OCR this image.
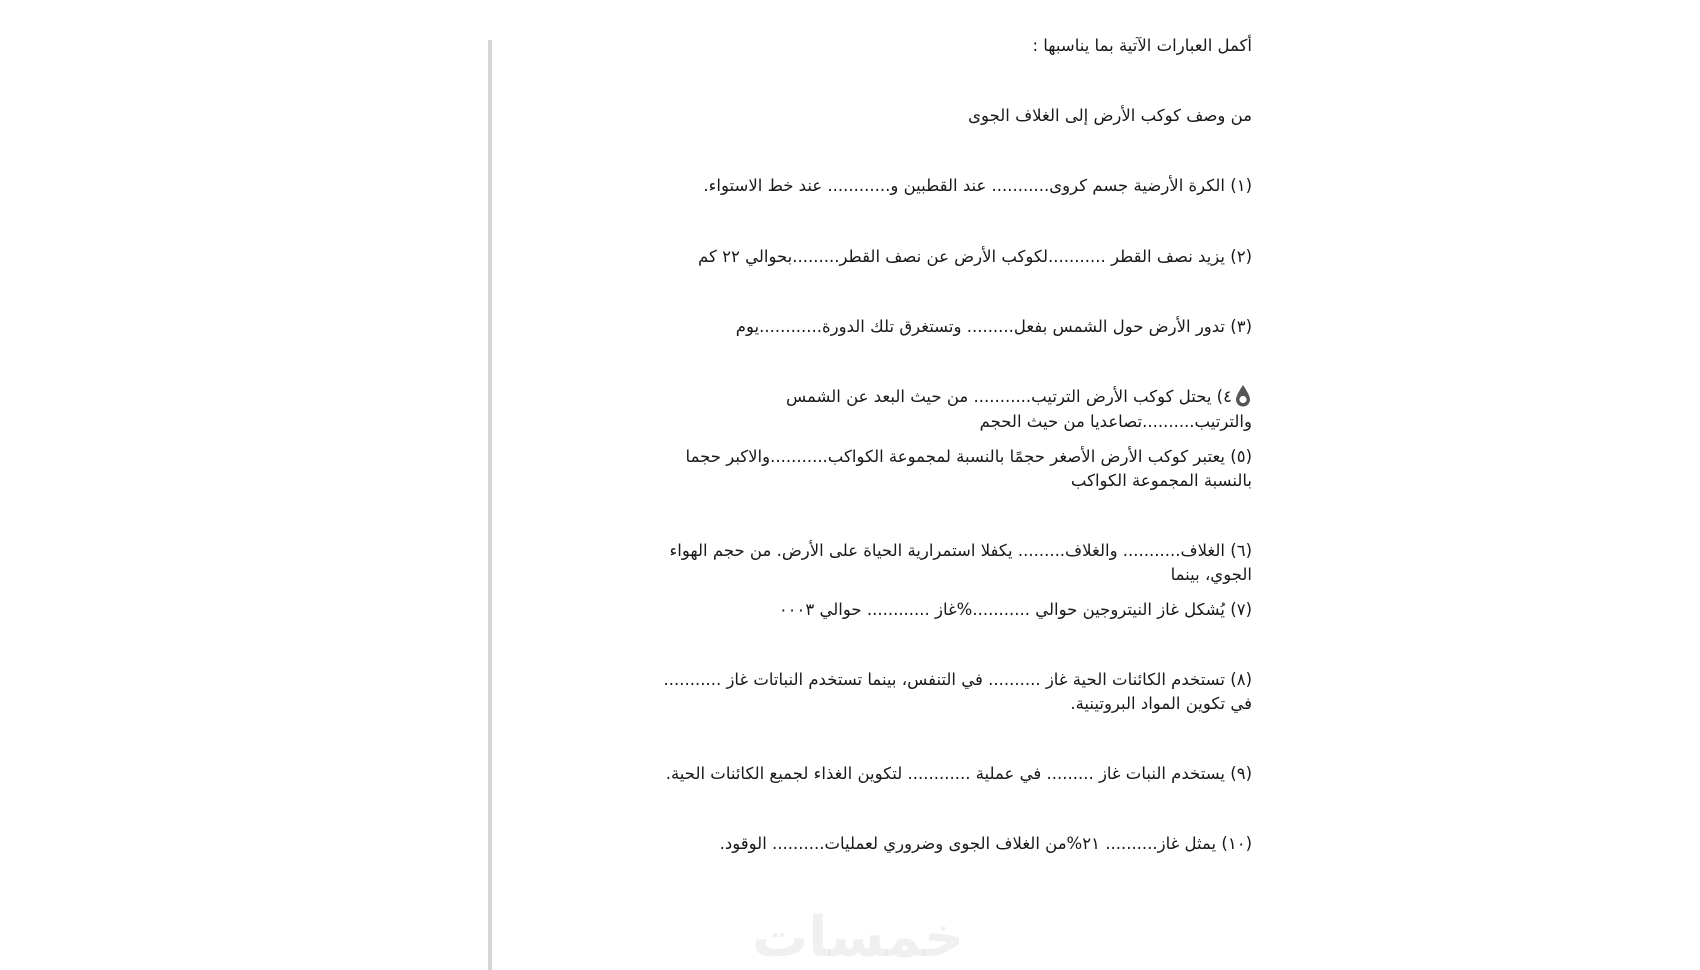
أكمل العبارات الآتية بما يناسبها :
من وصف كوكب الأرض إلى الغلاف الجوى
(١) الكرة الأرضية جسم كروى........... عند القطبين و............ عند خط الاستواء.
(٢) يزيد نصف القطر ...........لكوكب الأرض عن نصف القطر.........بحوالي ٢٢ كم
(٣) تدور الأرض حول الشمس بفعل......... وتستغرق تلك الدورة............يوم
٤) يحتل كوكب الأرض الترتيب........... من حيث البعد عن الشمس
والترتيب..........تصاعديا من حيث الحجم
(٥) يعتبر كوكب الأرض الأصغر حجمًا بالنسبة لمجموعة الكواكب...........والاكبر حجما
بالنسبة المجموعة الكواكب
(٦) الغلاف........... والغلاف......... يكفلا استمرارية الحياة على الأرض. من حجم الهواء
الجوي، بينما
(٧) يُشكل غاز النيتروجين حوالي ...........%غاز ............ حوالي ٠٠٠٣
(٨) تستخدم الكائنات الحية غاز .......... في التنفس، بينما تستخدم النباتات غاز ...........
في تكوين المواد البروتينية.
(٩) يستخدم النبات غاز ......... في عملية ............ لتكوين الغذاء لجميع الكائنات الحية.
(١٠) يمثل غاز.......... ٢١%من الغلاف الجوى وضروري لعمليات.......... الوقود.
خمسات
